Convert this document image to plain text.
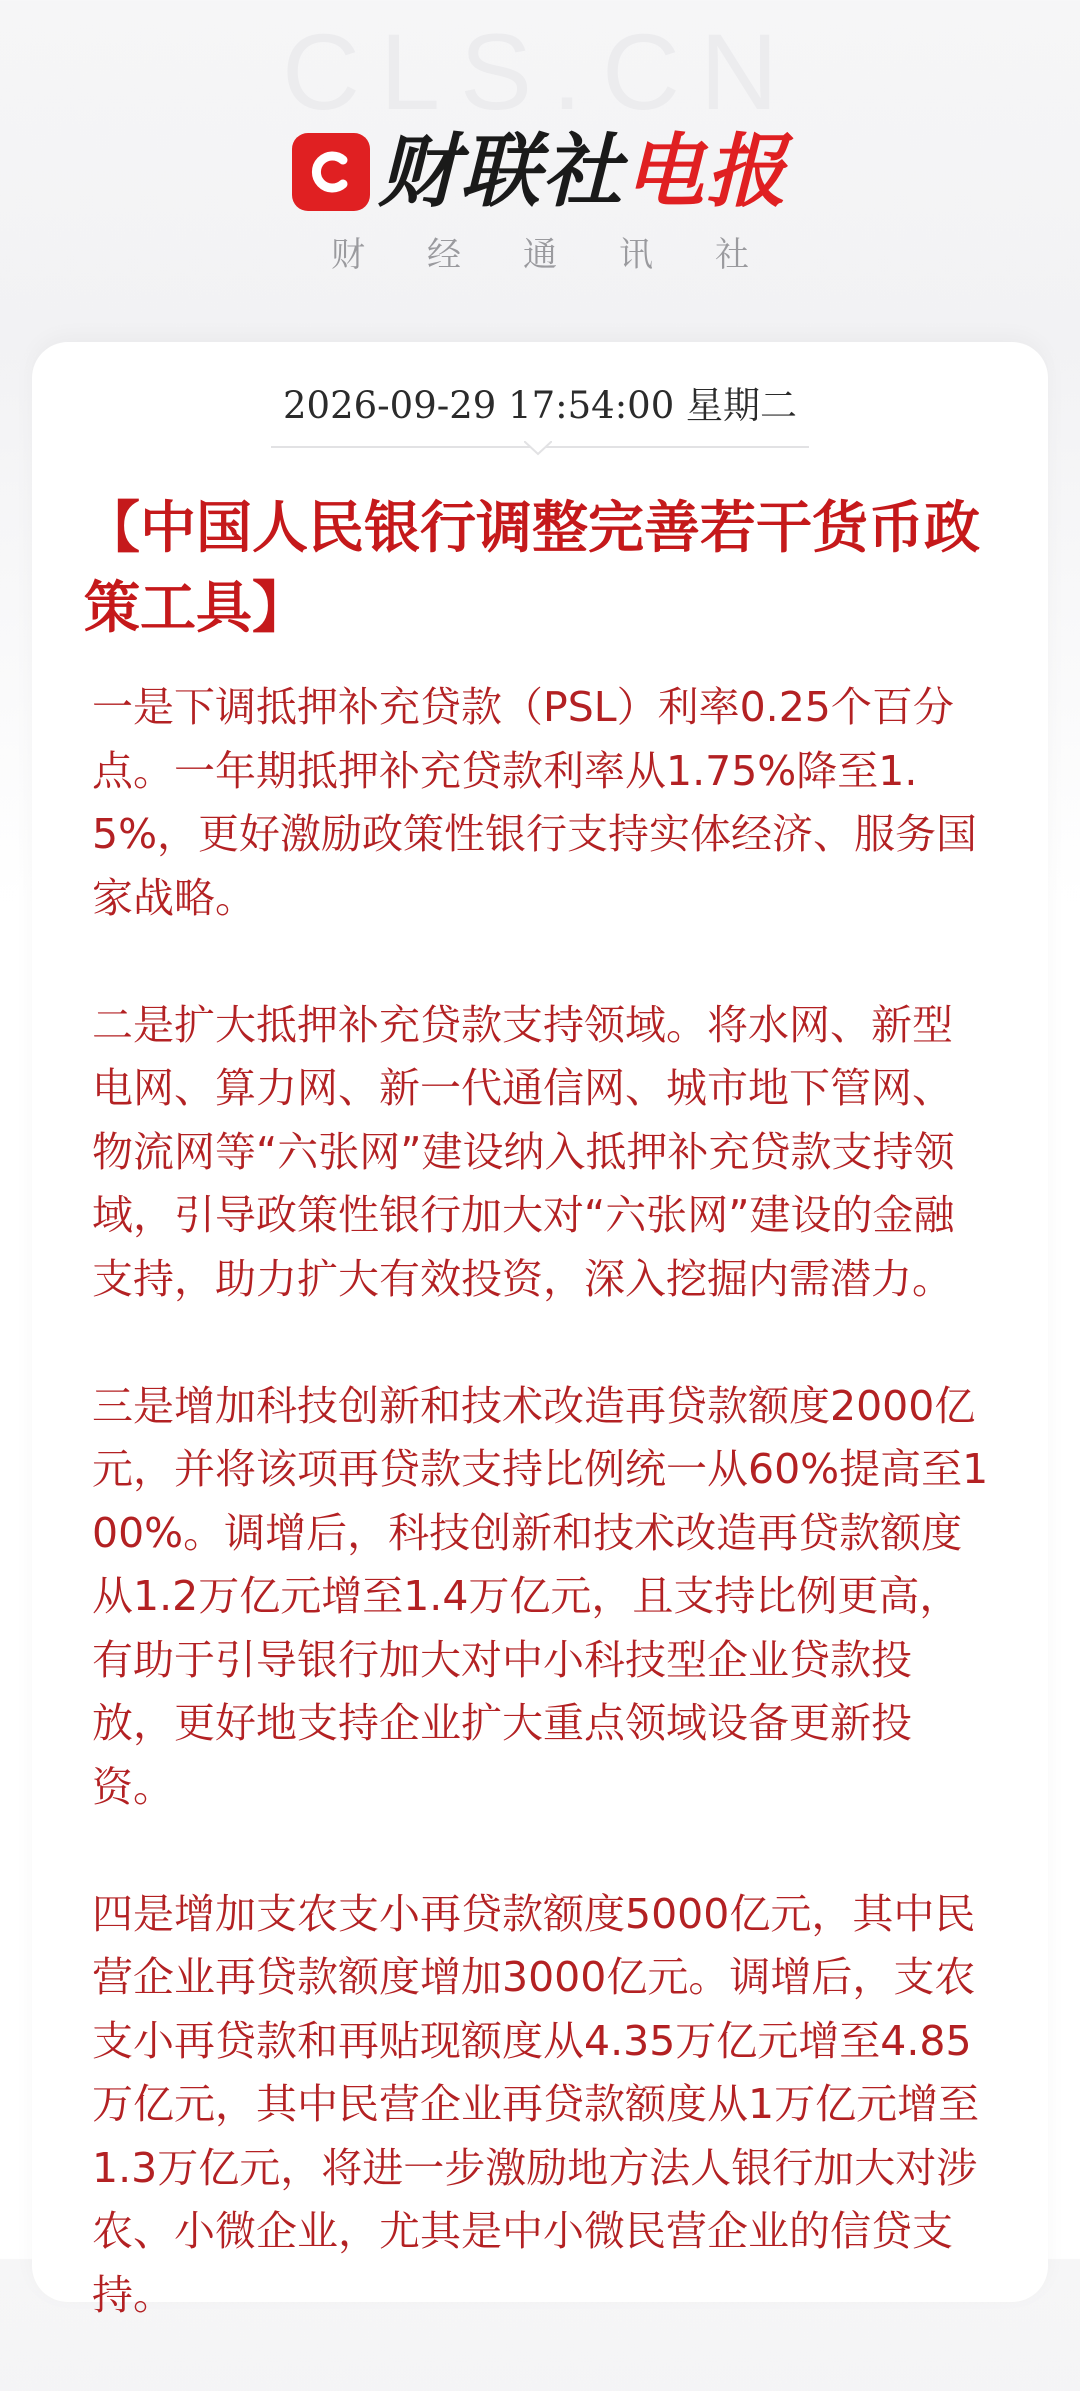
CLS.CN
财联社电报
财经通讯社
2026-09-29 17:54:00 星期二
【中国人民银行调整完善若干货币政策工具】

一是下调抵押补充贷款（PSL）利率0.25个百分点。一年期抵押补充贷款利率从1.75%降至1.5%，更好激励政策性银行支持实体经济、服务国家战略。

二是扩大抵押补充贷款支持领域。将水网、新型电网、算力网、新一代通信网、城市地下管网、物流网等“六张网”建设纳入抵押补充贷款支持领域，引导政策性银行加大对“六张网”建设的金融支持，助力扩大有效投资，深入挖掘内需潜力。

三是增加科技创新和技术改造再贷款额度2000亿元，并将该项再贷款支持比例统一从60%提高至100%。调增后，科技创新和技术改造再贷款额度从1.2万亿元增至1.4万亿元，且支持比例更高，有助于引导银行加大对中小科技型企业贷款投放，更好地支持企业扩大重点领域设备更新投资。

四是增加支农支小再贷款额度5000亿元，其中民营企业再贷款额度增加3000亿元。调增后，支农支小再贷款和再贴现额度从4.35万亿元增至4.85万亿元，其中民营企业再贷款额度从1万亿元增至1.3万亿元，将进一步激励地方法人银行加大对涉农、小微企业，尤其是中小微民营企业的信贷支持。
